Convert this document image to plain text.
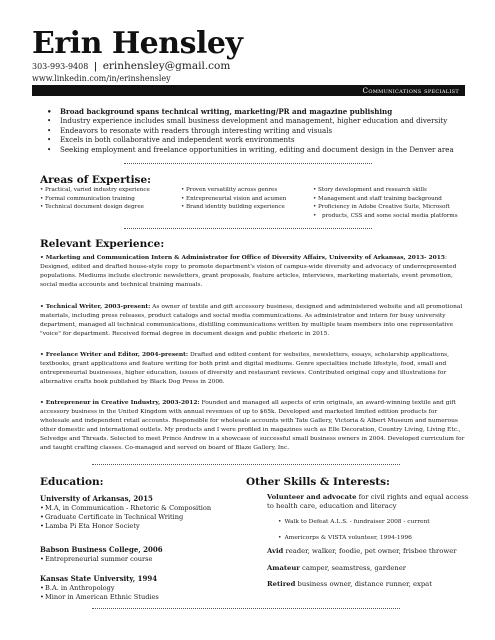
Erin Hensley
303-993-9408 | erinhensley@gmail.com
www.linkedin.com/in/erinshensley
Communications specialist
• Broad background spans technical writing, marketing/PR and magazine publishing
• Industry experience includes small business development and management, higher education and diversity
• Endeavors to resonate with readers through interesting writing and visuals
• Excels in both collaborative and independent work environments
• Seeking employment and freelance opportunities in writing, editing and document design in the Denver area
Areas of Expertise:
• Practical, varied industry experience
• Formal communication training
• Technical document design degree
• Proven versatility across genres
• Entrepreneurial vision and acumen
• Brand identity building experience
• Story development and research skills
• Management and staff training background
• Proficiency in Adobe Creative Suite, Microsoft
• products, CSS and some social media platforms
Relevant Experience:
• Marketing and Communication Intern & Administrator for Office of Diversity Affairs, University of Arkansas, 2013- 2015:
Designed, edited and drafted house-style copy to promote department's vision of campus-wide diversity and advocacy of underrepresented populations. Mediums include electronic newsletters, grant proposals, feature articles, interviews, marketing materials, event promotion, social media accounts and technical training manuals.
• Technical Writer, 2003-present: As owner of textile and gift accessory business, designed and administered website and all promotional materials, including press releases, product catalogs and social media communications. As administrator and intern for busy university department, managed all technical communications, distilling communications written by multiple team members into one representative "voice" for department. Received formal degree in document design and public rhetoric in 2015.
• Freelance Writer and Editor, 2004-present: Drafted and edited content for websites, newsletters, essays, scholarship applications, textbooks, grant applications and feature writing for both print and digital mediums. Genre specialties include lifestyle, food, small and entrepreneurial businesses, higher education, issues of diversity and restaurant reviews. Contributed original copy and illustrations for alternative crafts book published by Black Dog Press in 2006.
• Entrepreneur in Creative Industry, 2003-2012: Founded and managed all aspects of erin originals, an award-winning textile and gift accessory business in the United Kingdom with annual revenues of up to $65k. Developed and marketed limited edition products for wholesale and independent retail accounts. Responsible for wholesale accounts with Tate Gallery, Victoria & Albert Museum and numerous other domestic and international outlets. My products and I were profiled in magazines such as Elle Decoration, Country Living, Living Etc., Selvedge and Threads. Selected to meet Prince Andrew in a showcase of successful small business owners in 2004. Developed curriculum for and taught crafting classes. Co-managed and served on board of Blaze Gallery, Inc.
Education:
University of Arkansas, 2015
• M.A, in Communication - Rhetoric & Composition
• Graduate Certificate in Technical Writing
• Lamba Pi Eta Honor Society
Babson Business College, 2006
• Entrepreneurial summer course
Kansas State University, 1994
• B.A. in Anthropology
• Minor in American Ethnic Studies
Other Skills & Interests:
Volunteer and advocate for civil rights and equal access to health care, education and literacy
• Walk to Defeat A.L.S. - fundraiser 2008 - current
• Americorps & VISTA volunteer, 1994-1996
Avid reader, walker, foodie, pet owner, frisbee thrower
Amateur camper, seamstress, gardener
Retired business owner, distance runner, expat
